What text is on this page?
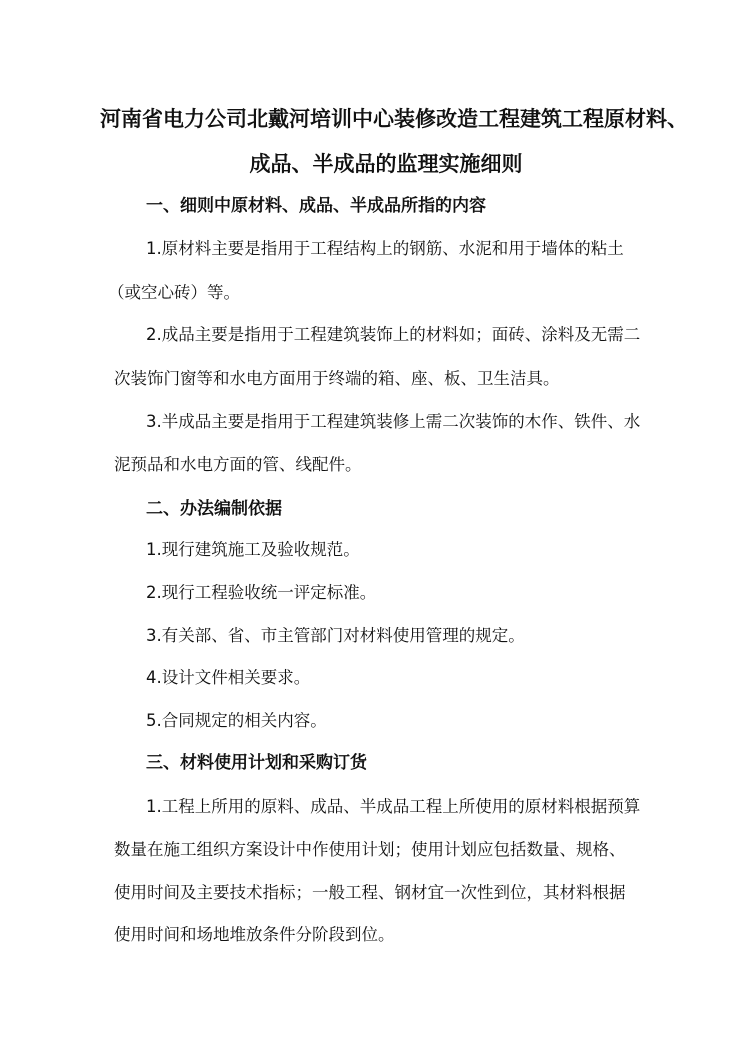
河南省电力公司北戴河培训中心装修改造工程建筑工程原材料、
成品、半成品的监理实施细则
一、细则中原材料、成品、半成品所指的内容
1.原材料主要是指用于工程结构上的钢筋、水泥和用于墙体的粘土
（或空心砖）等。
2.成品主要是指用于工程建筑装饰上的材料如；面砖、涂料及无需二
次装饰门窗等和水电方面用于终端的箱、座、板、卫生洁具。
3.半成品主要是指用于工程建筑装修上需二次装饰的木作、铁件、水
泥预品和水电方面的管、线配件。
二、办法编制依据
1.现行建筑施工及验收规范。
2.现行工程验收统一评定标准。
3.有关部、省、市主管部门对材料使用管理的规定。
4.设计文件相关要求。
5.合同规定的相关内容。
三、材料使用计划和采购订货
1.工程上所用的原料、成品、半成品工程上所使用的原材料根据预算
数量在施工组织方案设计中作使用计划；使用计划应包括数量、规格、
使用时间及主要技术指标；一般工程、钢材宜一次性到位，其材料根据
使用时间和场地堆放条件分阶段到位。
